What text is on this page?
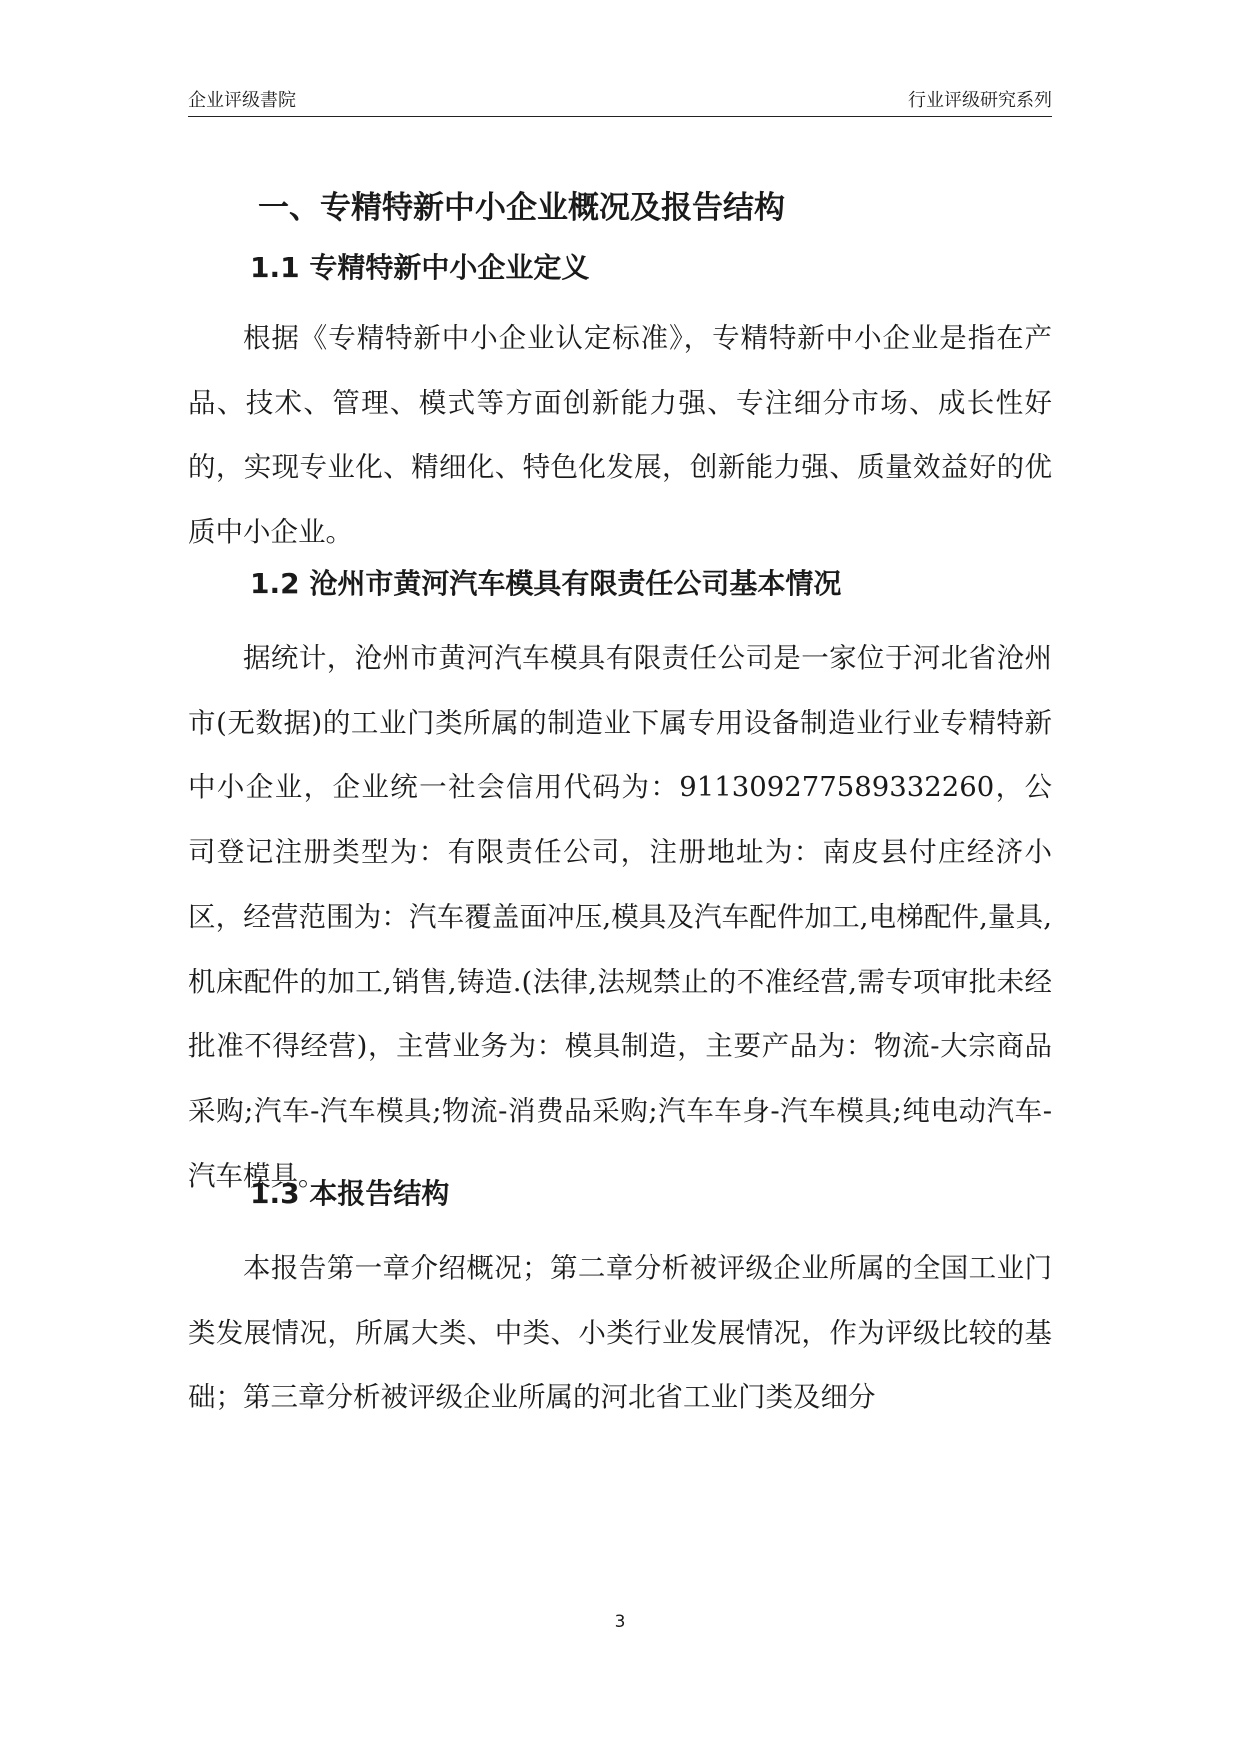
企业评级書院	行业评级研究系列
一、专精特新中小企业概况及报告结构
1.1 专精特新中小企业定义

根据《专精特新中小企业认定标准》，专精特新中小企业是指在产品、技术、管理、模式等方面创新能力强、专注细分市场、成长性好的，实现专业化、精细化、特色化发展，创新能力强、质量效益好的优质中小企业。

1.2 沧州市黄河汽车模具有限责任公司基本情况

据统计，沧州市黄河汽车模具有限责任公司是一家位于河北省沧州市(无数据)的工业门类所属的制造业下属专用设备制造业行业专精特新中小企业，企业统一社会信用代码为：911309277589332260，公司登记注册类型为：有限责任公司，注册地址为：南皮县付庄经济小区，经营范围为：汽车覆盖面冲压,模具及汽车配件加工,电梯配件,量具,机床配件的加工,销售,铸造.(法律,法规禁止的不准经营,需专项审批未经批准不得经营)，主营业务为：模具制造，主要产品为：物流-大宗商品采购;汽车-汽车模具;物流-消费品采购;汽车车身-汽车模具;纯电动汽车-汽车模具。

1.3 本报告结构

本报告第一章介绍概况；第二章分析被评级企业所属的全国工业门类发展情况，所属大类、中类、小类行业发展情况，作为评级比较的基础；第三章分析被评级企业所属的河北省工业门类及细分

3
